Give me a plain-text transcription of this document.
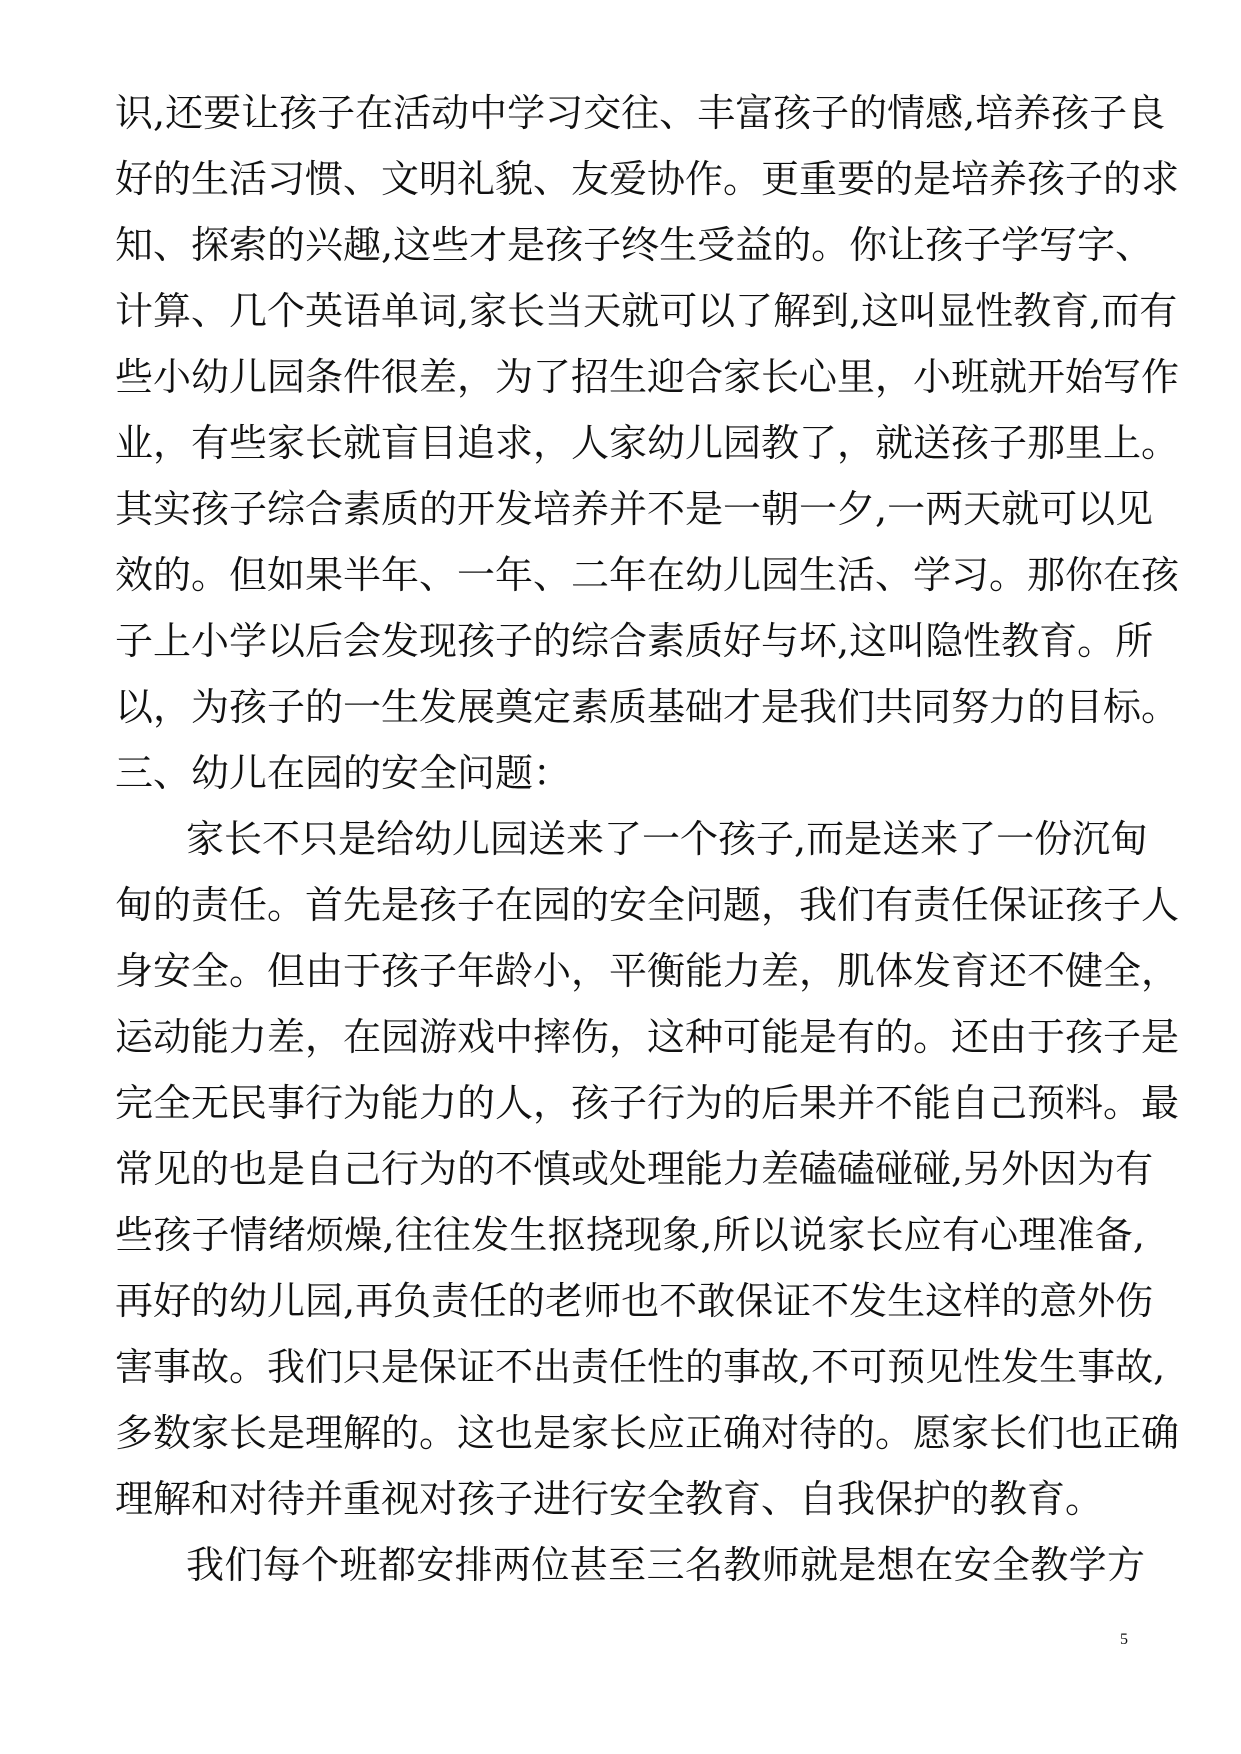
识,还要让孩子在活动中学习交往、丰富孩子的情感,培养孩子良
好的生活习惯、文明礼貌、友爱协作。更重要的是培养孩子的求
知、探索的兴趣,这些才是孩子终生受益的。你让孩子学写字、
计算、几个英语单词,家长当天就可以了解到,这叫显性教育,而有
些小幼儿园条件很差，为了招生迎合家长心里，小班就开始写作
业，有些家长就盲目追求，人家幼儿园教了，就送孩子那里上。
其实孩子综合素质的开发培养并不是一朝一夕,一两天就可以见
效的。但如果半年、一年、二年在幼儿园生活、学习。那你在孩
子上小学以后会发现孩子的综合素质好与坏,这叫隐性教育。所
以，为孩子的一生发展奠定素质基础才是我们共同努力的目标。
三、幼儿在园的安全问题：
家长不只是给幼儿园送来了一个孩子,而是送来了一份沉甸
甸的责任。首先是孩子在园的安全问题，我们有责任保证孩子人
身安全。但由于孩子年龄小，平衡能力差，肌体发育还不健全，
运动能力差，在园游戏中摔伤，这种可能是有的。还由于孩子是
完全无民事行为能力的人，孩子行为的后果并不能自己预料。最
常见的也是自己行为的不慎或处理能力差磕磕碰碰,另外因为有
些孩子情绪烦燥,往往发生抠挠现象,所以说家长应有心理准备,
再好的幼儿园,再负责任的老师也不敢保证不发生这样的意外伤
害事故。我们只是保证不出责任性的事故,不可预见性发生事故,
多数家长是理解的。这也是家长应正确对待的。愿家长们也正确
理解和对待并重视对孩子进行安全教育、自我保护的教育。
我们每个班都安排两位甚至三名教师就是想在安全教学方
5
